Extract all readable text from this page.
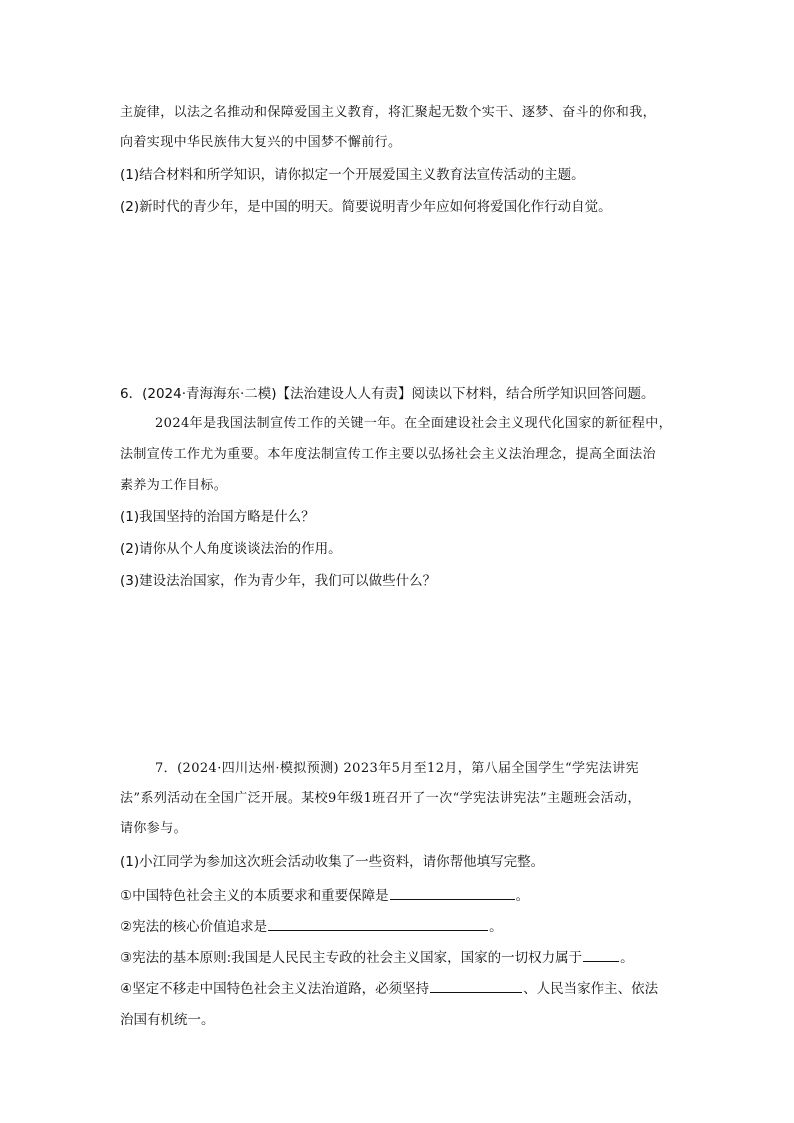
主旋律，以法之名推动和保障爱国主义教育，将汇聚起无数个实干、逐梦、奋斗的你和我，
向着实现中华民族伟大复兴的中国梦不懈前行。
(1)结合材料和所学知识，请你拟定一个开展爱国主义教育法宣传活动的主题。
(2)新时代的青少年，是中国的明天。简要说明青少年应如何将爱国化作行动自觉。
6．(2024·青海海东·二模)【法治建设人人有责】阅读以下材料，结合所学知识回答问题。
2024年是我国法制宣传工作的关键一年。在全面建设社会主义现代化国家的新征程中，
法制宣传工作尤为重要。本年度法制宣传工作主要以弘扬社会主义法治理念，提高全面法治
素养为工作目标。
(1)我国坚持的治国方略是什么？
(2)请你从个人角度谈谈法治的作用。
(3)建设法治国家，作为青少年，我们可以做些什么？
7．(2024·四川达州·模拟预测) 2023年5月至12月，第八届全国学生“学宪法讲宪
法”系列活动在全国广泛开展。某校9年级1班召开了一次“学宪法讲宪法”主题班会活动，
请你参与。
(1)小江同学为参加这次班会活动收集了一些资料，请你帮他填写完整。
①中国特色社会主义的本质要求和重要保障是	。
②宪法的核心价值追求是	。
③宪法的基本原则:我国是人民民主专政的社会主义国家，国家的一切权力属于	。
④坚定不移走中国特色社会主义法治道路，必须坚持	、人民当家作主、依法
治国有机统一。
